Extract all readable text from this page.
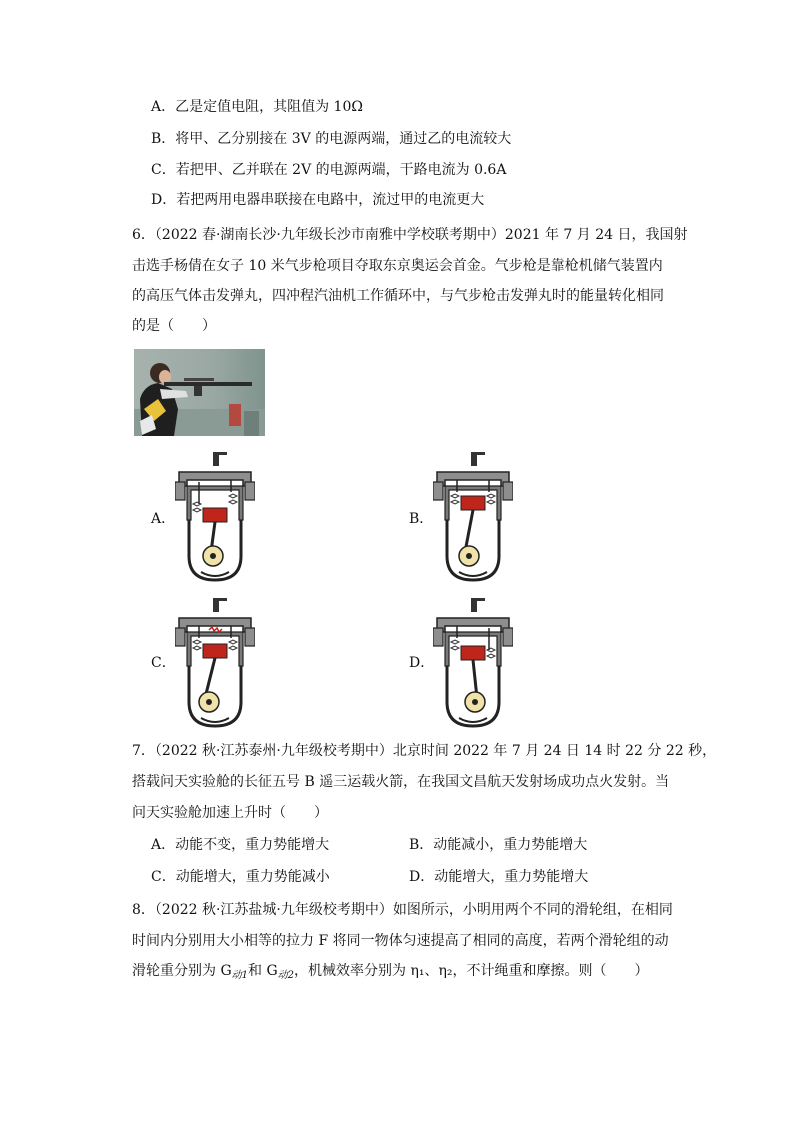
A．乙是定值电阻，其阻值为 10Ω
B．将甲、乙分别接在 3V 的电源两端，通过乙的电流较大
C．若把甲、乙并联在 2V 的电源两端，干路电流为 0.6A
D．若把两用电器串联接在电路中，流过甲的电流更大
6．（2022 春·湖南长沙·九年级长沙市南雅中学校联考期中）2021 年 7 月 24 日，我国射
击选手杨倩在女子 10 米气步枪项目夺取东京奥运会首金。气步枪是靠枪机储气装置内
的高压气体击发弹丸，四冲程汽油机工作循环中，与气步枪击发弹丸时的能量转化相同
的是（　　）
A．	B．
C．	D．
7．（2022 秋·江苏泰州·九年级校考期中）北京时间 2022 年 7 月 24 日 14 时 22 分 22 秒，
搭载问天实验舱的长征五号 B 遥三运载火箭，在我国文昌航天发射场成功点火发射。当
问天实验舱加速上升时（　　）
A．动能不变，重力势能增大	B．动能减小，重力势能增大
C．动能增大，重力势能减小	D．动能增大，重力势能增大
8．（2022 秋·江苏盐城·九年级校考期中）如图所示，小明用两个不同的滑轮组，在相同
时间内分别用大小相等的拉力 F 将同一物体匀速提高了相同的高度，若两个滑轮组的动
滑轮重分别为 $G_{动1}$和 $G_{动2}$，机械效率分别为 η₁、η₂，不计绳重和摩擦。则（　　）
